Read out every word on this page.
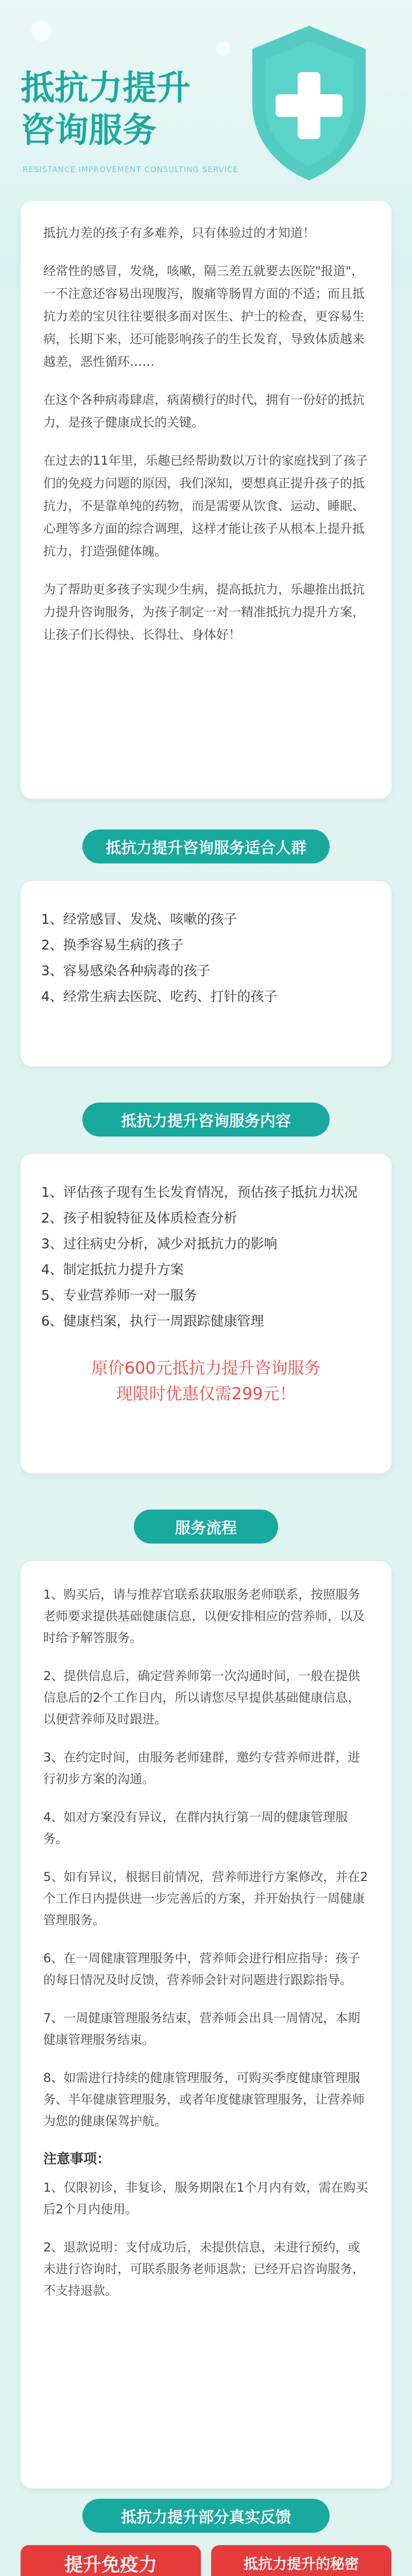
抵抗力提升
咨询服务
RESISTANCE IMPROVEMENT CONSULTING SERVICE

抵抗力差的孩子有多难养，只有体验过的才知道！

经常性的感冒，发烧，咳嗽，隔三差五就要去医院"报道"，一不注意还容易出现腹泻，腹痛等肠胃方面的不适；而且抵抗力差的宝贝往往要很多面对医生、护士的检查，更容易生病，长期下来，还可能影响孩子的生长发育，导致体质越来越差，恶性循环……

在这个各种病毒肆虐，病菌横行的时代，拥有一份好的抵抗力，是孩子健康成长的关键。

在过去的11年里，乐趣已经帮助数以万计的家庭找到了孩子们的免疫力问题的原因，我们深知，要想真正提升孩子的抵抗力，不是靠单纯的药物，而是需要从饮食、运动、睡眠、心理等多方面的综合调理，这样才能让孩子从根本上提升抵抗力，打造强健体魄。

为了帮助更多孩子实现少生病，提高抵抗力，乐趣推出抵抗力提升咨询服务，为孩子制定一对一精准抵抗力提升方案，让孩子们长得快、长得壮、身体好！

抵抗力提升咨询服务适合人群
1、经常感冒、发烧、咳嗽的孩子
2、换季容易生病的孩子
3、容易感染各种病毒的孩子
4、经常生病去医院、吃药、打针的孩子
抵抗力提升咨询服务内容
1、评估孩子现有生长发育情况，预估孩子抵抗力状况
2、孩子相貌特征及体质检查分析
3、过往病史分析，减少对抵抗力的影响
4、制定抵抗力提升方案
5、专业营养师一对一服务
6、健康档案，执行一周跟踪健康管理
原价600元抵抗力提升咨询服务
现限时优惠仅需299元！
服务流程
1、购买后，请与推荐官联系获取服务老师联系，按照服务老师要求提供基础健康信息，以便安排相应的营养师，以及时给予解答服务。
2、提供信息后，确定营养师第一次沟通时间，一般在提供信息后的2个工作日内，所以请您尽早提供基础健康信息，以便营养师及时跟进。
3、在约定时间，由服务老师建群，邀约专营养师进群，进行初步方案的沟通。
4、如对方案没有异议，在群内执行第一周的健康管理服务。
5、如有异议，根据目前情况，营养师进行方案修改，并在2个工作日内提供进一步完善后的方案，并开始执行一周健康管理服务。
6、在一周健康管理服务中，营养师会进行相应指导：孩子的每日情况及时反馈，营养师会针对问题进行跟踪指导。
7、一周健康管理服务结束，营养师会出具一周情况，本期健康管理服务结束。
8、如需进行持续的健康管理服务，可购买季度健康管理服务、半年健康管理服务，或者年度健康管理服务，让营养师为您的健康保驾护航。
注意事项：
1、仅限初诊，非复诊，服务期限在1个月内有效，需在购买后2个月内使用。
2、退款说明：支付成功后，未提供信息，未进行预约，或未进行咨询时，可联系服务老师退款；已经开启咨询服务，不支持退款。
抵抗力提升部分真实反馈
提升免疫力	抵抗力提升的秘密
